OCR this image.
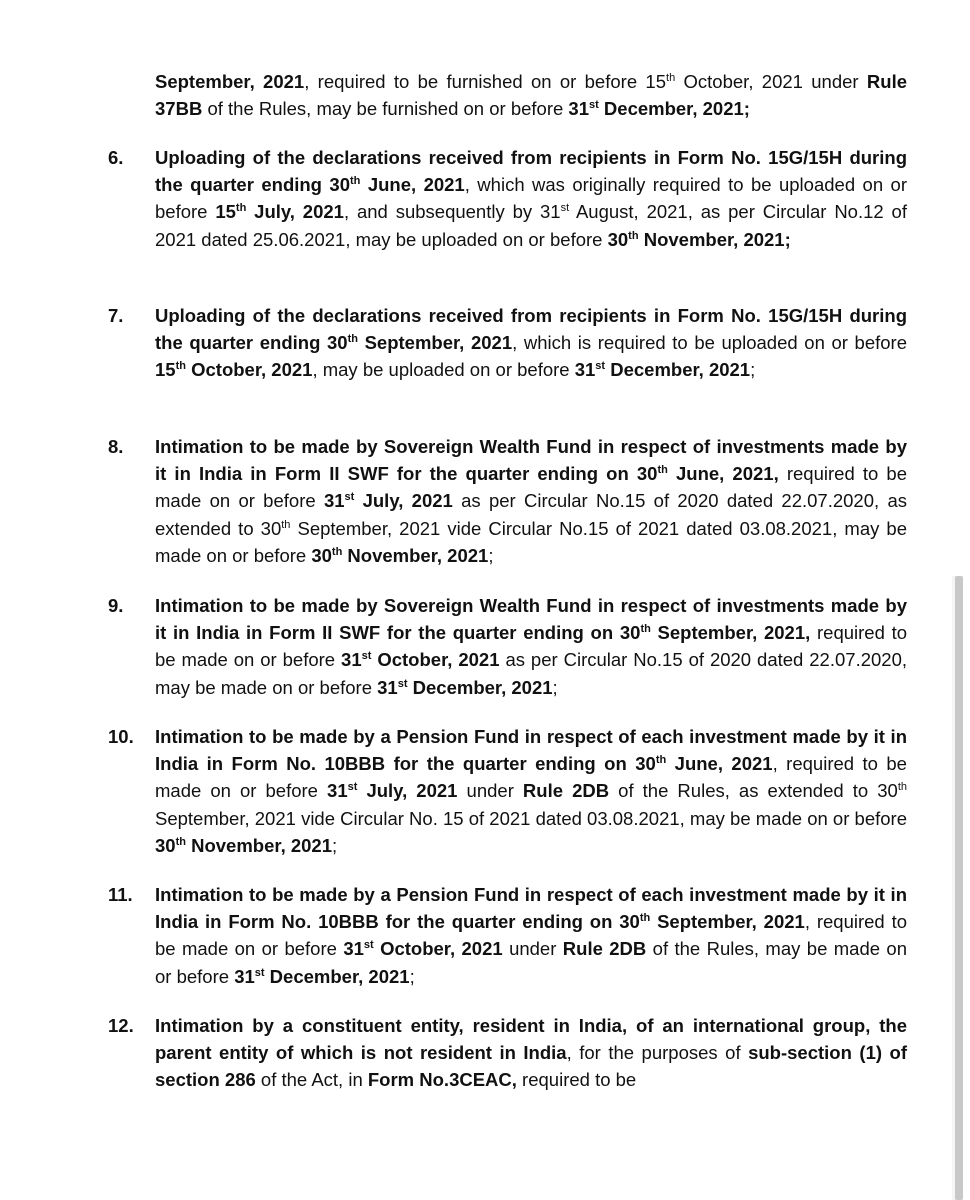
September, 2021, required to be furnished on or before 15th October, 2021 under Rule 37BB of the Rules, may be furnished on or before 31st December, 2021;
6. Uploading of the declarations received from recipients in Form No. 15G/15H during the quarter ending 30th June, 2021, which was originally required to be uploaded on or before 15th July, 2021, and subsequently by 31st August, 2021, as per Circular No.12 of 2021 dated 25.06.2021, may be uploaded on or before 30th November, 2021;
7. Uploading of the declarations received from recipients in Form No. 15G/15H during the quarter ending 30th September, 2021, which is required to be uploaded on or before 15th October, 2021, may be uploaded on or before 31st December, 2021;
8. Intimation to be made by Sovereign Wealth Fund in respect of investments made by it in India in Form II SWF for the quarter ending on 30th June, 2021, required to be made on or before 31st July, 2021 as per Circular No.15 of 2020 dated 22.07.2020, as extended to 30th September, 2021 vide Circular No.15 of 2021 dated 03.08.2021, may be made on or before 30th November, 2021;
9. Intimation to be made by Sovereign Wealth Fund in respect of investments made by it in India in Form II SWF for the quarter ending on 30th September, 2021, required to be made on or before 31st October, 2021 as per Circular No.15 of 2020 dated 22.07.2020, may be made on or before 31st December, 2021;
10. Intimation to be made by a Pension Fund in respect of each investment made by it in India in Form No. 10BBB for the quarter ending on 30th June, 2021, required to be made on or before 31st July, 2021 under Rule 2DB of the Rules, as extended to 30th September, 2021 vide Circular No. 15 of 2021 dated 03.08.2021, may be made on or before 30th November, 2021;
11. Intimation to be made by a Pension Fund in respect of each investment made by it in India in Form No. 10BBB for the quarter ending on 30th September, 2021, required to be made on or before 31st October, 2021 under Rule 2DB of the Rules, may be made on or before 31st December, 2021;
12. Intimation by a constituent entity, resident in India, of an international group, the parent entity of which is not resident in India, for the purposes of sub-section (1) of section 286 of the Act, in Form No.3CEAC, required to be
